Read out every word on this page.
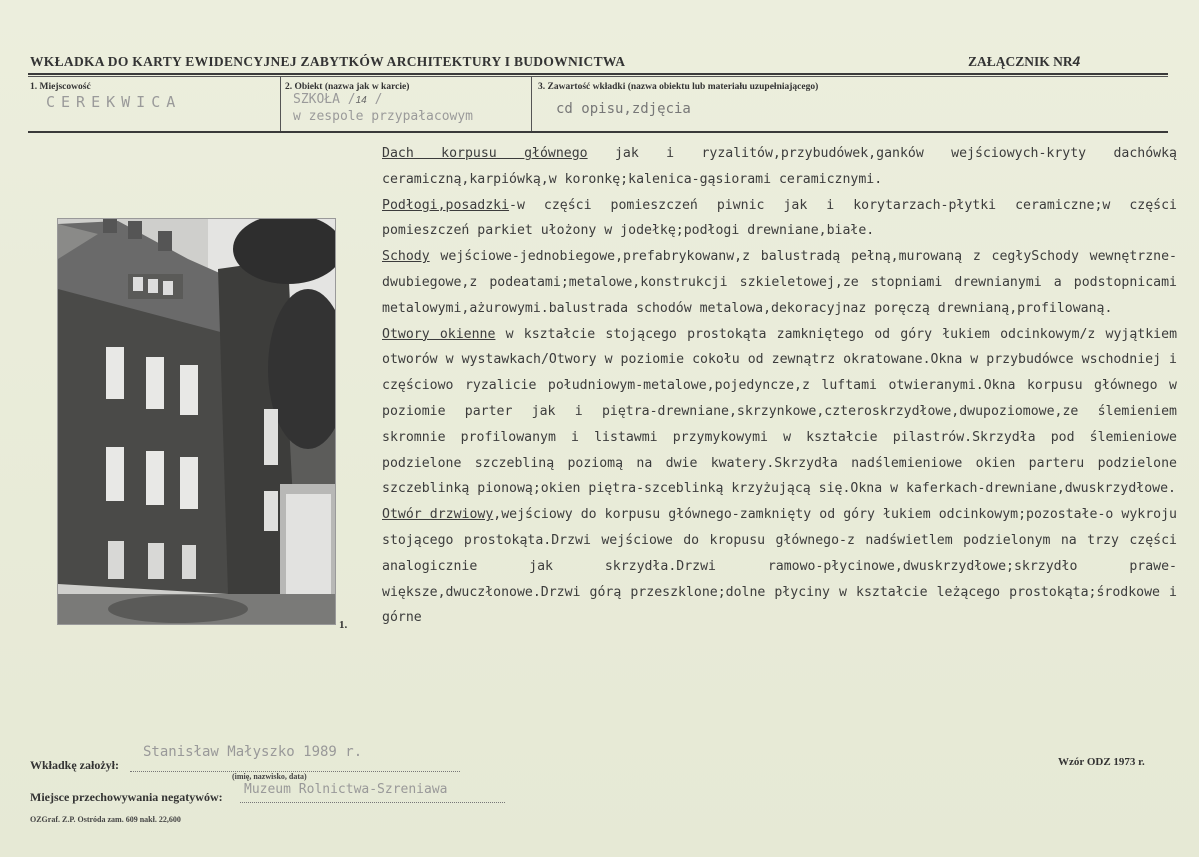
WKŁADKA DO KARTY EWIDENCYJNEJ ZABYTKÓW ARCHITEKTURY I BUDOWNICTWA	ZAŁĄCZNIK NR4
1. Miejscowość
CEREKWICA
2. Obiekt (nazwa jak w karcie)
SZKOŁA /14 /
w zespole przypałacowym
3. Zawartość wkładki (nazwa obiektu lub materiału uzupełniającego)
cd opisu,zdjęcia

Dach korpusu głównego jak i ryzalitów,przybudówek,ganków wejściowych-kryty dachówką ceramiczną,karpiówką,w koronkę;kalenica-gąsiorami ceramicznymi.

Podłogi,posadzki-w części pomieszczeń piwnic jak i korytarzach-płytki ceramiczne;w części pomieszczeń parkiet ułożony w jodełkę;podłogi drewniane,białe.

Schody wejściowe-jednobiegowe,prefabrykowanw,z balustradą pełną,murowaną z cegłySchody wewnętrzne-dwubiegowe,z podeatami;metalowe,konstrukcji szkieletowej,ze stopniami drewnianymi a podstopnicami metalowymi,ażurowymi.balustrada schodów metalowa,dekoracyjnaz poręczą drewnianą,profilowaną.

Otwory okienne w kształcie stojącego prostokąta zamkniętego od góry łukiem odcinkowym/z wyjątkiem otworów w wystawkach/Otwory w poziomie cokołu od zewnątrz okratowane.Okna w przybudówce wschodniej i częściowo ryzalicie południowym-metalowe,pojedyncze,z luftami otwieranymi.Okna korpusu głównego w poziomie parter jak i piętra-drewniane,skrzynkowe,czteroskrzydłowe,dwupoziomowe,ze ślemieniem skromnie profilowanym i listawmi przymykowymi w kształcie pilastrów.Skrzydła pod ślemieniowe podzielone szczebliną poziomą na dwie kwatery.Skrzydła nadślemieniowe okien parteru podzielone szczeblinką pionową;okien piętra-szceblinką krzyżującą się.Okna w kaferkach-drewniane,dwuskrzydłowe.

Otwór drzwiowy,wejściowy do korpusu głównego-zamknięty od góry łukiem odcinkowym;pozostałe-o wykroju stojącego prostokąta.Drzwi wejściowe do kropusu głównego-z nadświetlem podzielonym na trzy części analogicznie jak skrzydła.Drzwi ramowo-płycinowe,dwuskrzydłowe;skrzydło prawe-większe,dwuczłonowe.Drzwi górą przeszklone;dolne płyciny w kształcie leżącego prostokąta;środkowe i górne

1.
Wkładkę założył:
Stanisław Małyszko 1989 r.
(imię, nazwisko, data)
Miejsce przechowywania negatywów: Muzeum Rolnictwa-Szreniawa
Wzór ODZ 1973 r.
OZGraf. Z.P. Ostróda zam. 609 nakł. 22,600
